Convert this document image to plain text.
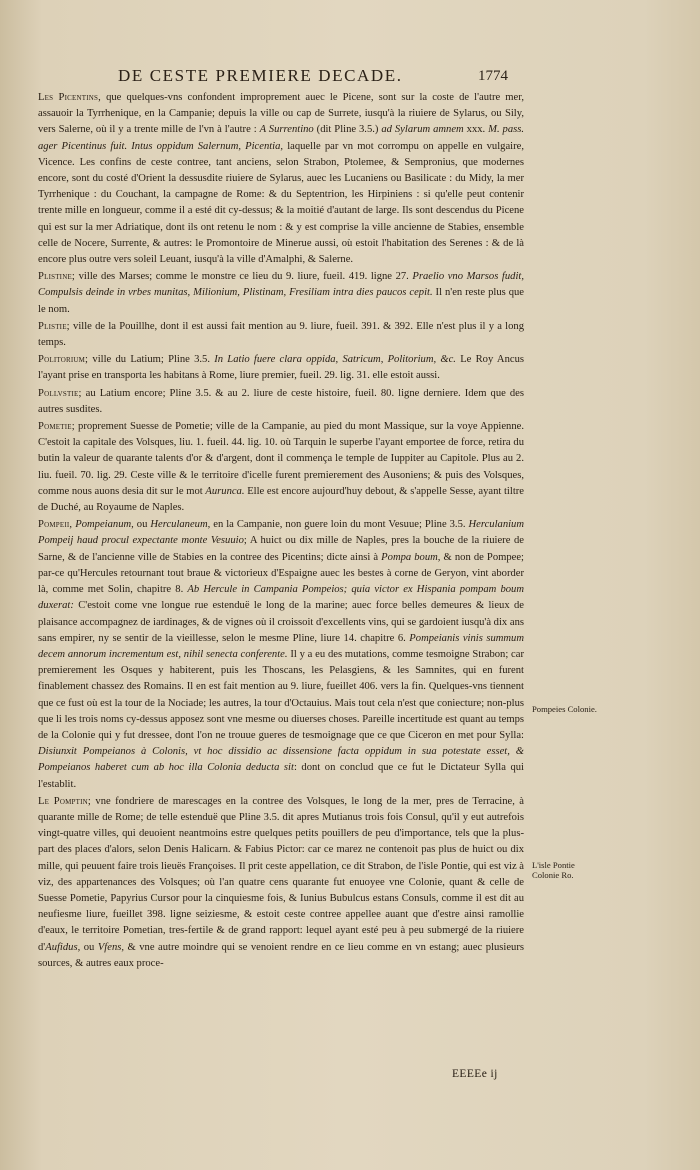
DE CESTE PREMIERE DECADE.	1774

Les Picentins, que quelques-vns confondent improprement auec le Picene, sont sur la coste de l'autre mer, assauoir la Tyrrhenique, en la Campanie; depuis la ville ou cap de Surrete, iusqu'à la riuiere de Sylarus, ou Sily, vers Salerne, où il y a trente mille de l'vn à l'autre : A Surrentino (dit Pline 3.5.) ad Sylarum amnem xxx. M. pass. ager Picentinus fuit. Intus oppidum Salernum, Picentia, laquelle par vn mot corrompu on appelle en vulgaire, Vicence. Les confins de ceste contree, tant anciens, selon Strabon, Ptolemee, & Sempronius, que modernes encore, sont du costé d'Orient la dessusdite riuiere de Sylarus, auec les Lucaniens ou Basilicate : du Midy, la mer Tyrrhenique : du Couchant, la campagne de Rome: & du Septentrion, les Hirpiniens : si qu'elle peut contenir trente mille en longueur, comme il a esté dit cy-dessus; & la moitié d'autant de large. Ils sont descendus du Picene qui est sur la mer Adriatique, dont ils ont retenu le nom : & y est comprise la ville ancienne de Stabies, ensemble celle de Nocere, Surrente, & autres: le Promontoire de Minerue aussi, où estoit l'habitation des Serenes : & de là encore plus outre vers soleil Leuant, iusqu'à la ville d'Amalphi, & Salerne.

Plistine; ville des Marses; comme le monstre ce lieu du 9. liure, fueil. 419. ligne 27. Praelio vno Marsos fudit, Compulsis deinde in vrbes munitas, Milionium, Plistinam, Fresiliam intra dies paucos cepit. Il n'en reste plus que le nom.

Plistie; ville de la Pouillhe, dont il est aussi fait mention au 9. liure, fueil. 391. & 392. Elle n'est plus il y a long temps.

Politorium; ville du Latium; Pline 3.5. In Latio fuere clara oppida, Satricum, Politorium, &c. Le Roy Ancus l'ayant prise en transporta les habitans à Rome, liure premier, fueil. 29. lig. 31. elle estoit aussi.

Pollvstie; au Latium encore; Pline 3.5. & au 2. liure de ceste histoire, fueil. 80. ligne derniere. Idem que des autres susdites.

Pometie; proprement Suesse de Pometie; ville de la Campanie, au pied du mont Massique, sur la voye Appienne. C'estoit la capitale des Volsques, liu. 1. fueil. 44. lig. 10. où Tarquin le superbe l'ayant emportee de force, retira du butin la valeur de quarante talents d'or & d'argent, dont il commença le temple de Iuppiter au Capitole. Plus au 2. liu. fueil. 70. lig. 29. Ceste ville & le territoire d'icelle furent premierement des Ausoniens; & puis des Volsques, comme nous auons desia dit sur le mot Aurunca. Elle est encore aujourd'huy debout, & s'appelle Sesse, ayant tiltre de Duché, au Royaume de Naples.

Pompeii, Pompeianum, ou Herculaneum, en la Campanie, non guere loin du mont Vesuue; Pline 3.5. Herculanium Pompeij haud procul expectante monte Vesuuio; A huict ou dix mille de Naples, pres la bouche de la riuiere de Sarne, & de l'ancienne ville de Stabies en la contree des Picentins; dicte ainsi à Pompa boum, & non de Pompee; par-ce qu'Hercules retournant tout braue & victorieux d'Espaigne auec les bestes à corne de Geryon, vint aborder là, comme met Solin, chapitre 8. Ab Hercule in Campania Pompeios; quia victor ex Hispania pompam boum duxerat: C'estoit come vne longue rue estenduë le long de la marine; auec force belles demeures & lieux de plaisance accompagnez de iardinages, & de vignes où il croissoit d'excellents vins, qui se gardoient iusqu'à dix ans sans empirer, ny se sentir de la vieillesse, selon le mesme Pline, liure 14. chapitre 6. Pompeianis vinis summum decem annorum incrementum est, nihil senecta conferente. Il y a eu des mutations, comme tesmoigne Strabon; car premierement les Osques y habiterent, puis les Thoscans, les Pelasgiens, & les Samnites, qui en furent finablement chassez des Romains. Il en est fait mention au 9. liure, fueillet 406. vers la fin. Quelques-vns tiennent que ce fust où est la tour de la Nociade; les autres, la tour d'Octauius. Mais tout cela n'est que coniecture; non-plus que li les trois noms cy-dessus apposez sont vne mesme ou diuerses choses. Pareille incertitude est quant au temps de la Colonie qui y fut dressee, dont l'on ne trouue gueres de tesmoignage que ce que Ciceron en met pour Sylla: Disiunxit Pompeianos à Colonis, vt hoc dissidio ac dissensione facta oppidum in sua potestate esset, & Pompeianos haberet cum ab hoc illa Colonia deducta sit: dont on conclud que ce fut le Dictateur Sylla qui l'establit.

Le Pomptin; vne fondriere de marescages en la contree des Volsques, le long de la mer, pres de Terracine, à quarante mille de Rome; de telle estenduë que Pline 3.5. dit apres Mutianus trois fois Consul, qu'il y eut autrefois vingt-quatre villes, qui deuoient neantmoins estre quelques petits pouillers de peu d'importance, tels que la plus-part des places d'alors, selon Denis Halicarn. & Fabius Pictor: car ce marez ne contenoit pas plus de huict ou dix mille, qui peuuent faire trois lieuës Françoises. Il prit ceste appellation, ce dit Strabon, de l'isle Pontie, qui est viz à viz, des appartenances des Volsques; où l'an quatre cens quarante fut enuoyee vne Colonie, quant & celle de Suesse Pometie, Papyrius Cursor pour la cinquiesme fois, & Iunius Bubulcus estans Consuls, comme il est dit au neufiesme liure, fueillet 398. ligne seiziesme, & estoit ceste contree appellee auant que d'estre ainsi ramollie d'eaux, le territoire Pometian, tres-fertile & de grand rapport: lequel ayant esté peu à peu submergé de la riuiere d'Aufidus, ou Vfens, & vne autre moindre qui se venoient rendre en ce lieu comme en vn estang; auec plusieurs sources, & autres eaux proce-

Pompeies Colonie.
L'isle Pontie Colonie Ro.
EEEEe ij
